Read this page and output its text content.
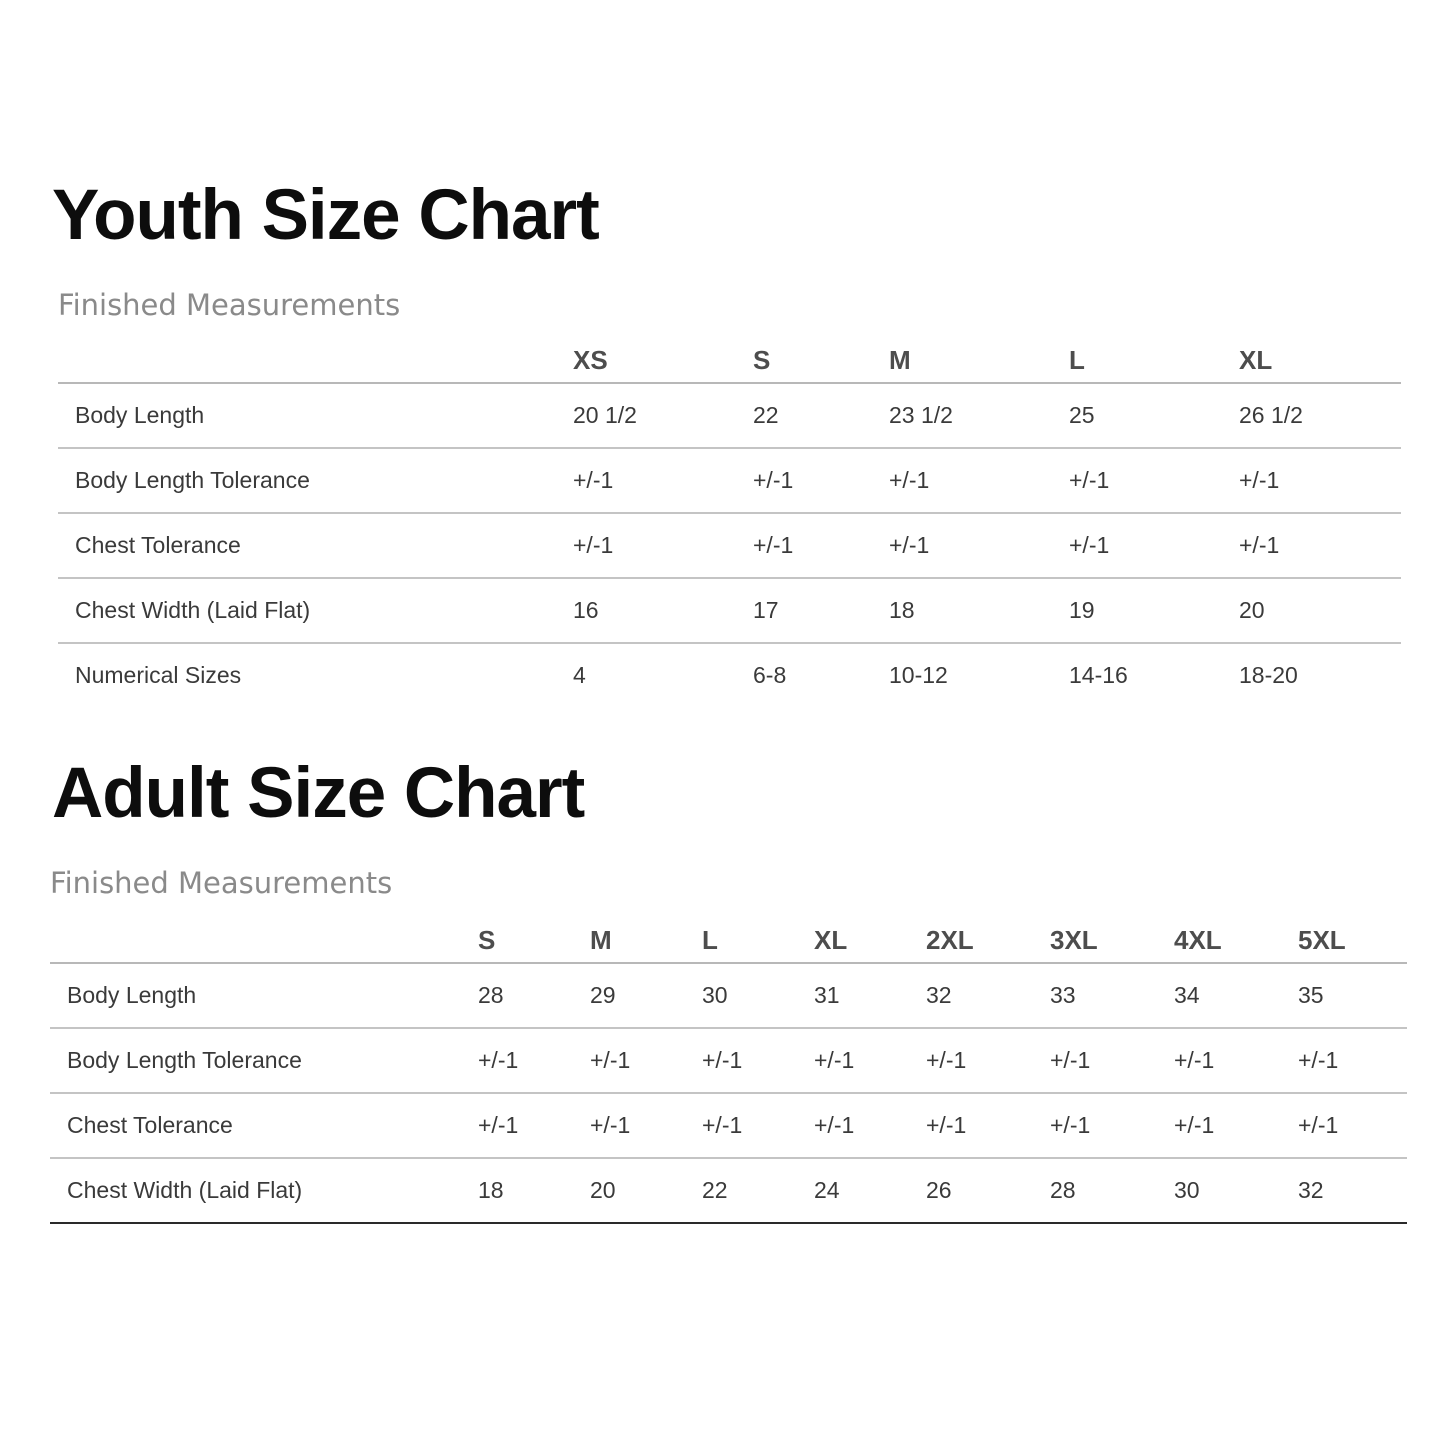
Youth Size Chart
Finished Measurements
	XS	S	M	L	XL
Body Length	20 1/2	22	23 1/2	25	26 1/2
Body Length Tolerance	+/-1	+/-1	+/-1	+/-1	+/-1
Chest Tolerance	+/-1	+/-1	+/-1	+/-1	+/-1
Chest Width (Laid Flat)	16	17	18	19	20
Numerical Sizes	4	6-8	10-12	14-16	18-20
Adult Size Chart
Finished Measurements
	S	M	L	XL	2XL	3XL	4XL	5XL
Body Length	28	29	30	31	32	33	34	35
Body Length Tolerance	+/-1	+/-1	+/-1	+/-1	+/-1	+/-1	+/-1	+/-1
Chest Tolerance	+/-1	+/-1	+/-1	+/-1	+/-1	+/-1	+/-1	+/-1
Chest Width (Laid Flat)	18	20	22	24	26	28	30	32
